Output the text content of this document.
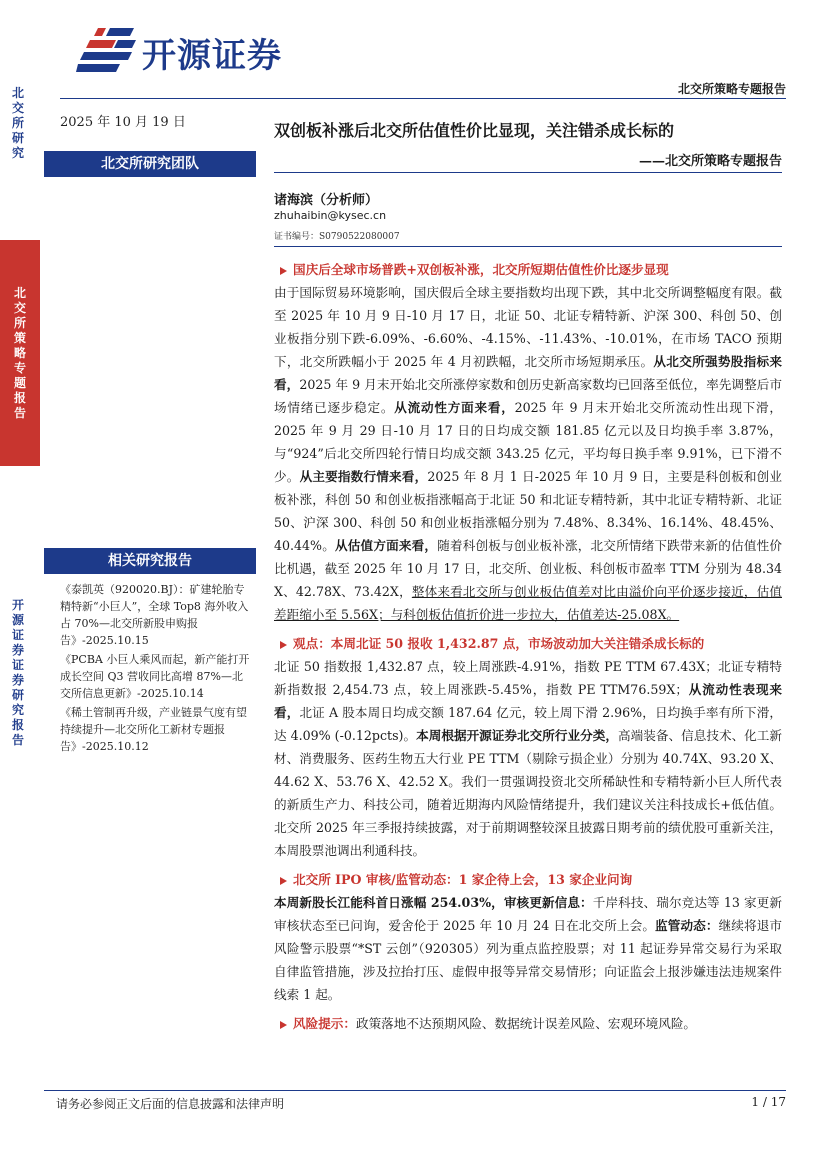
开源证券
北交所策略专题报告
北交所研究
北交所策略专题报告
开源证券 证券研究报告
2025 年 10 月 19 日
北交所研究团队
相关研究报告
《泰凯英（920020.BJ）：矿建轮胎专精特新“小巨人”，全球 Top8 海外收入占 70%—北交所新股申购报告》-2025.10.15
《PCBA 小巨人乘风而起，新产能打开成长空间 Q3 营收同比高增 87%—北交所信息更新》-2025.10.14
《稀土管制再升级，产业链景气度有望持续提升—北交所化工新材专题报告》-2025.10.12
双创板补涨后北交所估值性价比显现，关注错杀成长标的
——北交所策略专题报告
诸海滨（分析师）
zhuhaibin@kysec.cn
证书编号：S0790522080007
国庆后全球市场普跌+双创板补涨，北交所短期估值性价比逐步显现

由于国际贸易环境影响，国庆假后全球主要指数均出现下跌，其中北交所调整幅度有限。截至 2025 年 10 月 9 日-10 月 17 日，北证 50、北证专精特新、沪深 300、科创 50、创业板指分别下跌-6.09%、-6.60%、-4.15%、-11.43%、-10.01%，在市场 TACO 预期下，北交所跌幅小于 2025 年 4 月初跌幅，北交所市场短期承压。从北交所强势股指标来看，2025 年 9 月末开始北交所涨停家数和创历史新高家数均已回落至低位，率先调整后市场情绪已逐步稳定。从流动性方面来看，2025 年 9 月末开始北交所流动性出现下滑，2025 年 9 月 29 日-10 月 17 日的日均成交额 181.85 亿元以及日均换手率 3.87%，与“924”后北交所四轮行情日均成交额 343.25 亿元，平均每日换手率 9.91%，已下滑不少。从主要指数行情来看，2025 年 8 月 1 日-2025 年 10 月 9 日，主要是科创板和创业板补涨，科创 50 和创业板指涨幅高于北证 50 和北证专精特新，其中北证专精特新、北证 50、沪深 300、科创 50 和创业板指涨幅分别为 7.48%、8.34%、16.14%、48.45%、40.44%。从估值方面来看，随着科创板与创业板补涨，北交所情绪下跌带来新的估值性价比机遇，截至 2025 年 10 月 17 日，北交所、创业板、科创板市盈率 TTM 分别为 48.34 X、42.78X、73.42X，整体来看北交所与创业板估值差对比由溢价向平价逐步接近，估值差距缩小至 5.56X；与科创板估值折价进一步拉大，估值差达-25.08X。

观点：本周北证 50 报收 1,432.87 点，市场波动加大关注错杀成长标的

北证 50 指数报 1,432.87 点，较上周涨跌-4.91%，指数 PE TTM 67.43X；北证专精特新指数报 2,454.73 点，较上周涨跌-5.45%，指数 PE TTM76.59X；从流动性表现来看，北证 A 股本周日均成交额 187.64 亿元，较上周下滑 2.96%，日均换手率有所下滑，达 4.09% (-0.12pcts)。本周根据开源证券北交所行业分类，高端装备、信息技术、化工新材、消费服务、医药生物五大行业 PE TTM（剔除亏损企业）分别为 40.74X、93.20 X、44.62 X、53.76 X、42.52 X。我们一贯强调投资北交所稀缺性和专精特新小巨人所代表的新质生产力、科技公司，随着近期海内风险情绪提升，我们建议关注科技成长+低估值。北交所 2025 年三季报持续披露，对于前期调整较深且披露日期考前的绩优股可重新关注，本周股票池调出利通科技。

北交所 IPO 审核/监管动态：1 家企待上会，13 家企业问询

本周新股长江能科首日涨幅 254.03%，审核更新信息：千岸科技、瑞尔竞达等 13 家更新审核状态至已问询，爱舍伦于 2025 年 10 月 24 日在北交所上会。监管动态：继续将退市风险警示股票“*ST 云创”（920305）列为重点监控股票；对 11 起证券异常交易行为采取自律监管措施，涉及拉抬打压、虚假申报等异常交易情形；向证监会上报涉嫌违法违规案件线索 1 起。

风险提示：政策落地不达预期风险、数据统计误差风险、宏观环境风险。
请务必参阅正文后面的信息披露和法律声明	1 / 17
